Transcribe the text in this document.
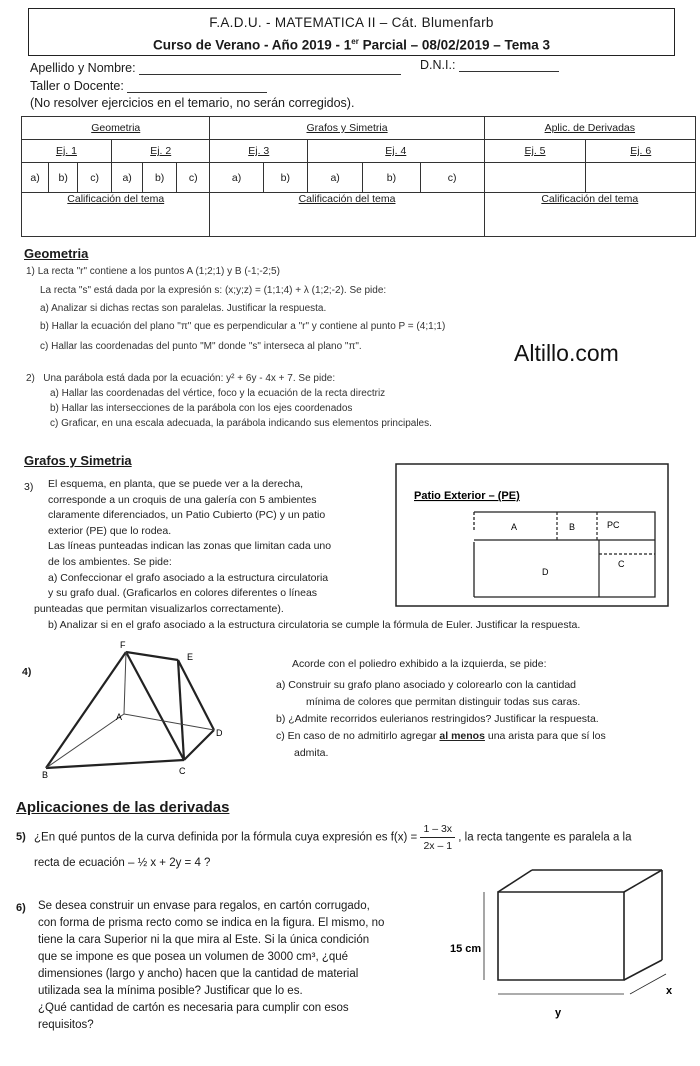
F.A.D.U. - MATEMATICA II – Cát. Blumenfarb
Curso de Verano - Año 2019 - 1er Parcial – 08/02/2019 – Tema 3
Apellido y Nombre:	D.N.I.:
Taller o Docente:
(No resolver ejercicios en el temario, no serán corregidos).
Geometria						Grafos y Simetria					Aplic. de Derivadas	
Ej. 1			Ej. 2			Ej. 3		Ej. 4			Ej. 5	Ej. 6
a)	b)	c)	a)	b)	c)	a)	b)	a)	b)	c)		
Calificación del tema						Calificación del tema					Calificación del tema	
Geometria
1) La recta "r" contiene a los puntos A (1;2;1) y B (-1;-2;5)
La recta "s" está dada por la expresión s: (x;y;z) = (1;1;4) + λ (1;2;-2). Se pide:
a) Analizar si dichas rectas son paralelas. Justificar la respuesta.
b) Hallar la ecuación del plano "π" que es perpendicular a "r" y contiene al punto P = (4;1;1)
c) Hallar las coordenadas del punto "M" donde "s" interseca al plano "π".	Altillo.com
2) Una parábola está dada por la ecuación: y² + 6y - 4x + 7. Se pide:
a) Hallar las coordenadas del vértice, foco y la ecuación de la recta directriz
b) Hallar las intersecciones de la parábola con los ejes coordenados
c) Graficar, en una escala adecuada, la parábola indicando sus elementos principales.
Grafos y Simetria
3) El esquema, en planta, que se puede ver a la derecha,
corresponde a un croquis de una galería con 5 ambientes
claramente diferenciados, un Patio Cubierto (PC) y un patio
exterior (PE) que lo rodea.
Las líneas punteadas indican las zonas que limitan cada uno
de los ambientes. Se pide:
a) Confeccionar el grafo asociado a la estructura circulatoria
y su grafo dual. (Graficarlos en colores diferentes o líneas
punteadas que permitan visualizarlos correctamente).
b) Analizar si en el grafo asociado a la estructura circulatoria se cumple la fórmula de Euler. Justificar la respuesta.
Patio Exterior – (PE)
A	B	PC
D
C
4)
F
E
A
D
C
B
Acorde con el poliedro exhibido a la izquierda, se pide:
a) Construir su grafo plano asociado y colorearlo con la cantidad
mínima de colores que permitan distinguir todas sus caras.
b) ¿Admite recorridos eulerianos restringidos? Justificar la respuesta.
c) En caso de no admitirlo agregar al menos una arista para que sí los
admita.
Aplicaciones de las derivadas
5) ¿En qué puntos de la curva definida por la fórmula cuya expresión es $f(x) = \frac{1 - 3x}{2x - 1}$ , la recta tangente es paralela a la
recta de ecuación – ½ x + 2y = 4 ?
6) Se desea construir un envase para regalos, en cartón corrugado,
con forma de prisma recto como se indica en la figura. El mismo, no
tiene la cara Superior ni la que mira al Este. Si la única condición
que se impone es que posea un volumen de 3000 cm³, ¿qué
dimensiones (largo y ancho) hacen que la cantidad de material
utilizada sea la mínima posible? Justificar que lo es.
¿Qué cantidad de cartón es necesaria para cumplir con esos
requisitos?
15 cm
x
y
